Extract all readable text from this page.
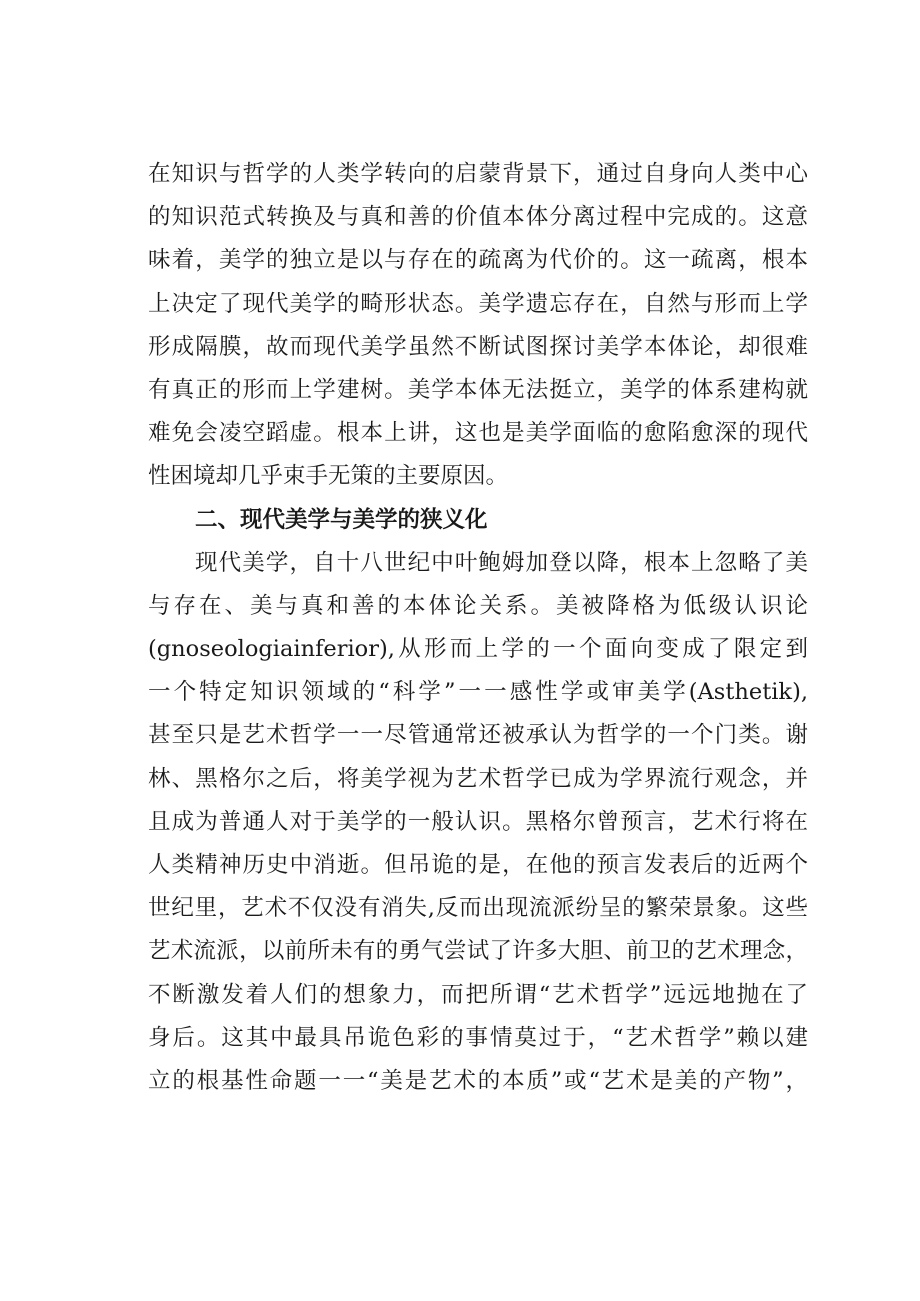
在知识与哲学的人类学转向的启蒙背景下，通过自身向人类中心
的知识范式转换及与真和善的价值本体分离过程中完成的。这意
味着，美学的独立是以与存在的疏离为代价的。这一疏离，根本
上决定了现代美学的畸形状态。美学遗忘存在，自然与形而上学
形成隔膜，故而现代美学虽然不断试图探讨美学本体论，却很难
有真正的形而上学建树。美学本体无法挺立，美学的体系建构就
难免会凌空蹈虚。根本上讲，这也是美学面临的愈陷愈深的现代
性困境却几乎束手无策的主要原因。
二、现代美学与美学的狭义化
现代美学，自十八世纪中叶鲍姆加登以降，根本上忽略了美
与存在、美与真和善的本体论关系。美被降格为低级认识论
(gnoseologiainferior),从形而上学的一个面向变成了限定到
一个特定知识领域的“科学”一一感性学或审美学(Asthetik),
甚至只是艺术哲学一一尽管通常还被承认为哲学的一个门类。谢
林、黑格尔之后，将美学视为艺术哲学已成为学界流行观念，并
且成为普通人对于美学的一般认识。黑格尔曾预言，艺术行将在
人类精神历史中消逝。但吊诡的是，在他的预言发表后的近两个
世纪里，艺术不仅没有消失,反而出现流派纷呈的繁荣景象。这些
艺术流派，以前所未有的勇气尝试了许多大胆、前卫的艺术理念，
不断激发着人们的想象力，而把所谓“艺术哲学”远远地抛在了
身后。这其中最具吊诡色彩的事情莫过于，“艺术哲学”赖以建
立的根基性命题一一“美是艺术的本质”或“艺术是美的产物”，
